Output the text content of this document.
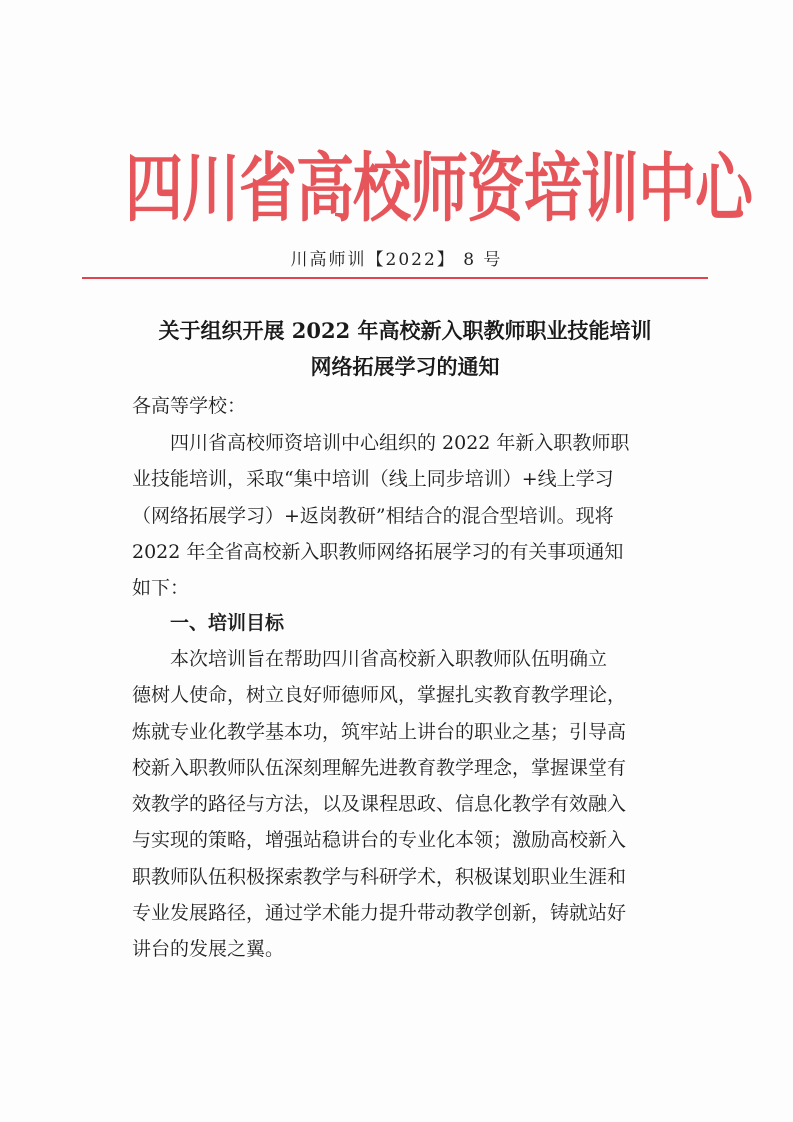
四川省高校师资培训中心
川高师训【2022】 8 号
关于组织开展 2022 年高校新入职教师职业技能培训
网络拓展学习的通知
各高等学校：
四川省高校师资培训中心组织的 2022 年新入职教师职
业技能培训，采取“集中培训（线上同步培训）+线上学习
（网络拓展学习）+返岗教研”相结合的混合型培训。现将
2022 年全省高校新入职教师网络拓展学习的有关事项通知
如下：
一、培训目标
本次培训旨在帮助四川省高校新入职教师队伍明确立
德树人使命，树立良好师德师风，掌握扎实教育教学理论，
炼就专业化教学基本功，筑牢站上讲台的职业之基；引导高
校新入职教师队伍深刻理解先进教育教学理念，掌握课堂有
效教学的路径与方法，以及课程思政、信息化教学有效融入
与实现的策略，增强站稳讲台的专业化本领；激励高校新入
职教师队伍积极探索教学与科研学术，积极谋划职业生涯和
专业发展路径，通过学术能力提升带动教学创新，铸就站好
讲台的发展之翼。
